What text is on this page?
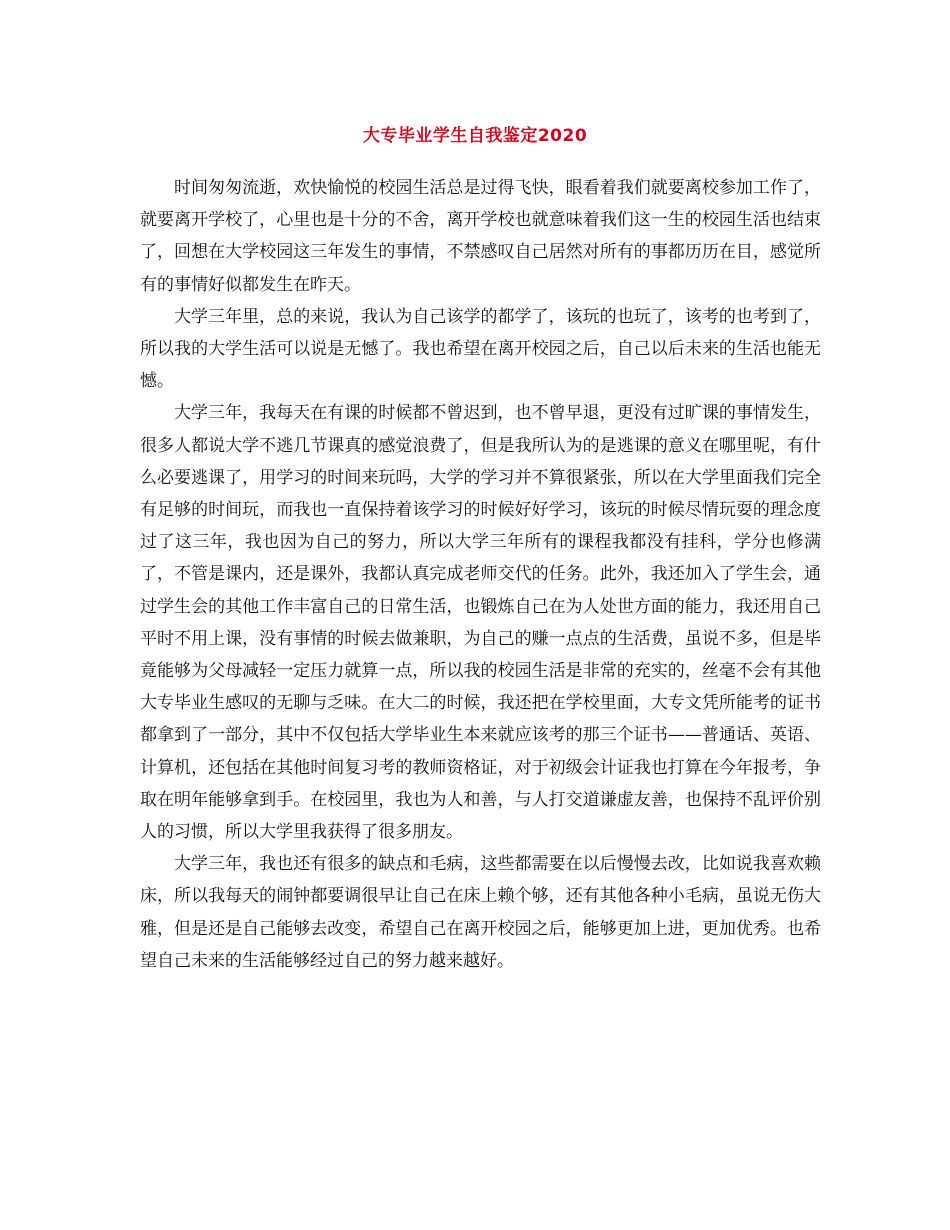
大专毕业学生自我鉴定2020

时间匆匆流逝，欢快愉悦的校园生活总是过得飞快，眼看着我们就要离校参加工作了，就要离开学校了，心里也是十分的不舍，离开学校也就意味着我们这一生的校园生活也结束了，回想在大学校园这三年发生的事情，不禁感叹自己居然对所有的事都历历在目，感觉所有的事情好似都发生在昨天。

大学三年里，总的来说，我认为自己该学的都学了，该玩的也玩了，该考的也考到了，所以我的大学生活可以说是无憾了。我也希望在离开校园之后，自己以后未来的生活也能无憾。

大学三年，我每天在有课的时候都不曾迟到，也不曾早退，更没有过旷课的事情发生，很多人都说大学不逃几节课真的感觉浪费了，但是我所认为的是逃课的意义在哪里呢，有什么必要逃课了，用学习的时间来玩吗，大学的学习并不算很紧张，所以在大学里面我们完全有足够的时间玩，而我也一直保持着该学习的时候好好学习，该玩的时候尽情玩耍的理念度过了这三年，我也因为自己的努力，所以大学三年所有的课程我都没有挂科，学分也修满了，不管是课内，还是课外，我都认真完成老师交代的任务。此外，我还加入了学生会，通过学生会的其他工作丰富自己的日常生活，也锻炼自己在为人处世方面的能力，我还用自己平时不用上课，没有事情的时候去做兼职，为自己的赚一点点的生活费，虽说不多，但是毕竟能够为父母减轻一定压力就算一点，所以我的校园生活是非常的充实的，丝毫不会有其他大专毕业生感叹的无聊与乏味。在大二的时候，我还把在学校里面，大专文凭所能考的证书都拿到了一部分，其中不仅包括大学毕业生本来就应该考的那三个证书——普通话、英语、计算机，还包括在其他时间复习考的教师资格证，对于初级会计证我也打算在今年报考，争取在明年能够拿到手。在校园里，我也为人和善，与人打交道谦虚友善，也保持不乱评价别人的习惯，所以大学里我获得了很多朋友。

大学三年，我也还有很多的缺点和毛病，这些都需要在以后慢慢去改，比如说我喜欢赖床，所以我每天的闹钟都要调很早让自己在床上赖个够，还有其他各种小毛病，虽说无伤大雅，但是还是自己能够去改变，希望自己在离开校园之后，能够更加上进，更加优秀。也希望自己未来的生活能够经过自己的努力越来越好。
